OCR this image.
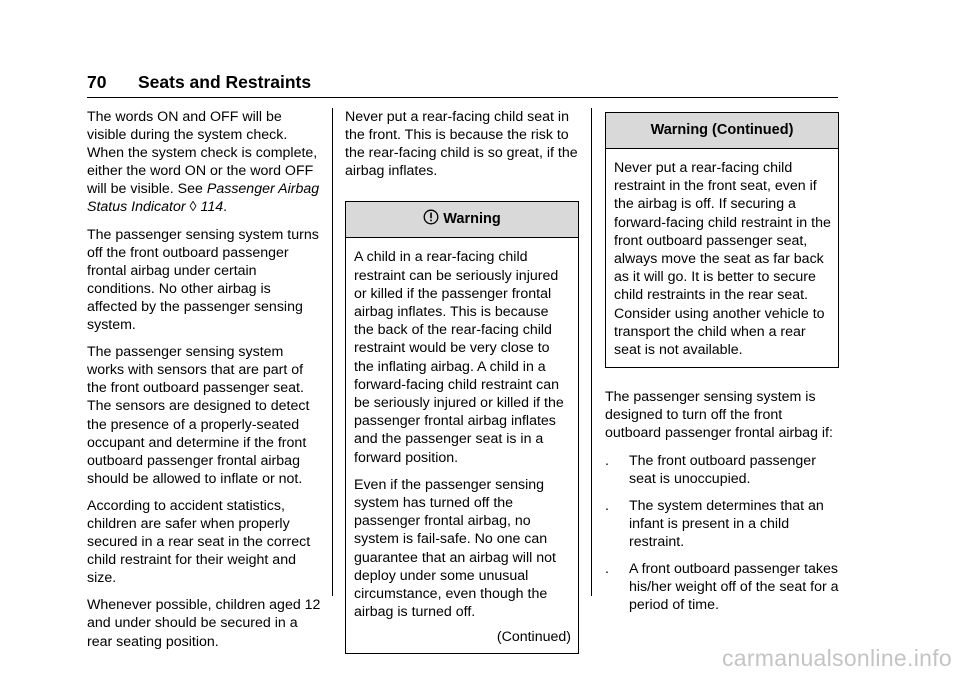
70 Seats and Restraints

The words ON and OFF will be visible during the system check. When the system check is complete, either the word ON or the word OFF will be visible. See Passenger Airbag Status Indicator ◊ 114.

The passenger sensing system turns off the front outboard passenger frontal airbag under certain conditions. No other airbag is affected by the passenger sensing system.

The passenger sensing system works with sensors that are part of the front outboard passenger seat. The sensors are designed to detect the presence of a properly-seated occupant and determine if the front outboard passenger frontal airbag should be allowed to inflate or not.

According to accident statistics, children are safer when properly secured in a rear seat in the correct child restraint for their weight and size.

Whenever possible, children aged 12 and under should be secured in a rear seating position.

Never put a rear-facing child seat in the front. This is because the risk to the rear-facing child is so great, if the airbag inflates.

Warning

A child in a rear-facing child restraint can be seriously injured or killed if the passenger frontal airbag inflates. This is because the back of the rear-facing child restraint would be very close to the inflating airbag. A child in a forward-facing child restraint can be seriously injured or killed if the passenger frontal airbag inflates and the passenger seat is in a forward position.

Even if the passenger sensing system has turned off the passenger frontal airbag, no system is fail-safe. No one can guarantee that an airbag will not deploy under some unusual circumstance, even though the airbag is turned off.

(Continued)
Warning (Continued)

Never put a rear-facing child restraint in the front seat, even if the airbag is off. If securing a forward-facing child restraint in the front outboard passenger seat, always move the seat as far back as it will go. It is better to secure child restraints in the rear seat. Consider using another vehicle to transport the child when a rear seat is not available.

The passenger sensing system is designed to turn off the front outboard passenger frontal airbag if:

. The front outboard passenger seat is unoccupied.
. The system determines that an infant is present in a child restraint.
. A front outboard passenger takes his/her weight off of the seat for a period of time.
carmanualsonline.info
